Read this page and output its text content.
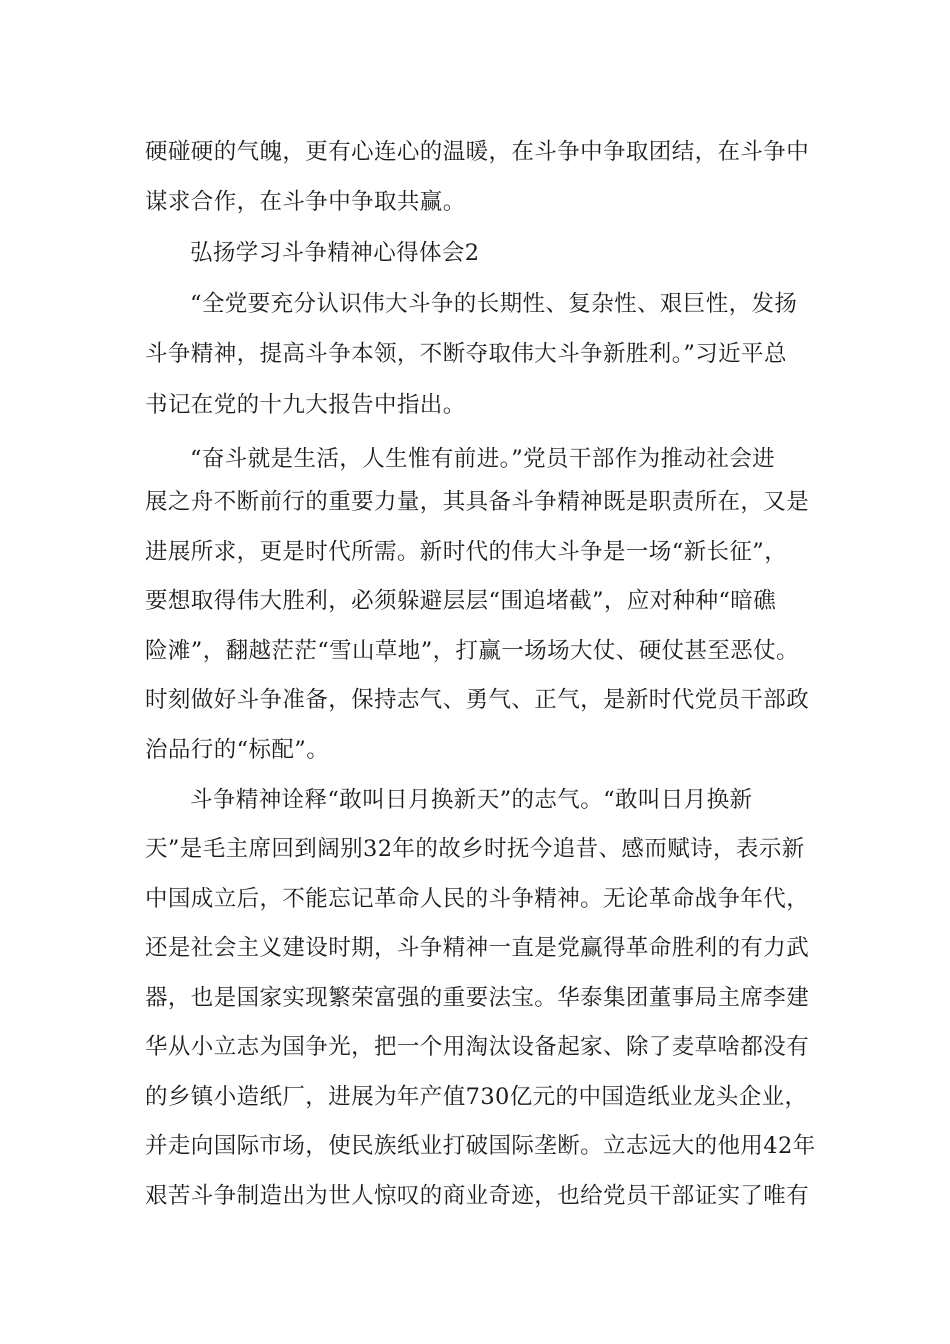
硬碰硬的气魄，更有心连心的温暖，在斗争中争取团结，在斗争中
谋求合作，在斗争中争取共赢。
弘扬学习斗争精神心得体会2
“全党要充分认识伟大斗争的长期性、复杂性、艰巨性，发扬
斗争精神，提高斗争本领，不断夺取伟大斗争新胜利。”习近平总
书记在党的十九大报告中指出。
“奋斗就是生活，人生惟有前进。”党员干部作为推动社会进
展之舟不断前行的重要力量，其具备斗争精神既是职责所在，又是
进展所求，更是时代所需。新时代的伟大斗争是一场“新长征”，
要想取得伟大胜利，必须躲避层层“围追堵截”，应对种种“暗礁
险滩”，翻越茫茫“雪山草地”，打赢一场场大仗、硬仗甚至恶仗。
时刻做好斗争准备，保持志气、勇气、正气，是新时代党员干部政
治品行的“标配”。
斗争精神诠释“敢叫日月换新天”的志气。“敢叫日月换新
天”是毛主席回到阔别32年的故乡时抚今追昔、感而赋诗，表示新
中国成立后，不能忘记革命人民的斗争精神。无论革命战争年代，
还是社会主义建设时期，斗争精神一直是党赢得革命胜利的有力武
器，也是国家实现繁荣富强的重要法宝。华泰集团董事局主席李建
华从小立志为国争光，把一个用淘汰设备起家、除了麦草啥都没有
的乡镇小造纸厂，进展为年产值730亿元的中国造纸业龙头企业，
并走向国际市场，使民族纸业打破国际垄断。立志远大的他用42年
艰苦斗争制造出为世人惊叹的商业奇迹，也给党员干部证实了唯有
